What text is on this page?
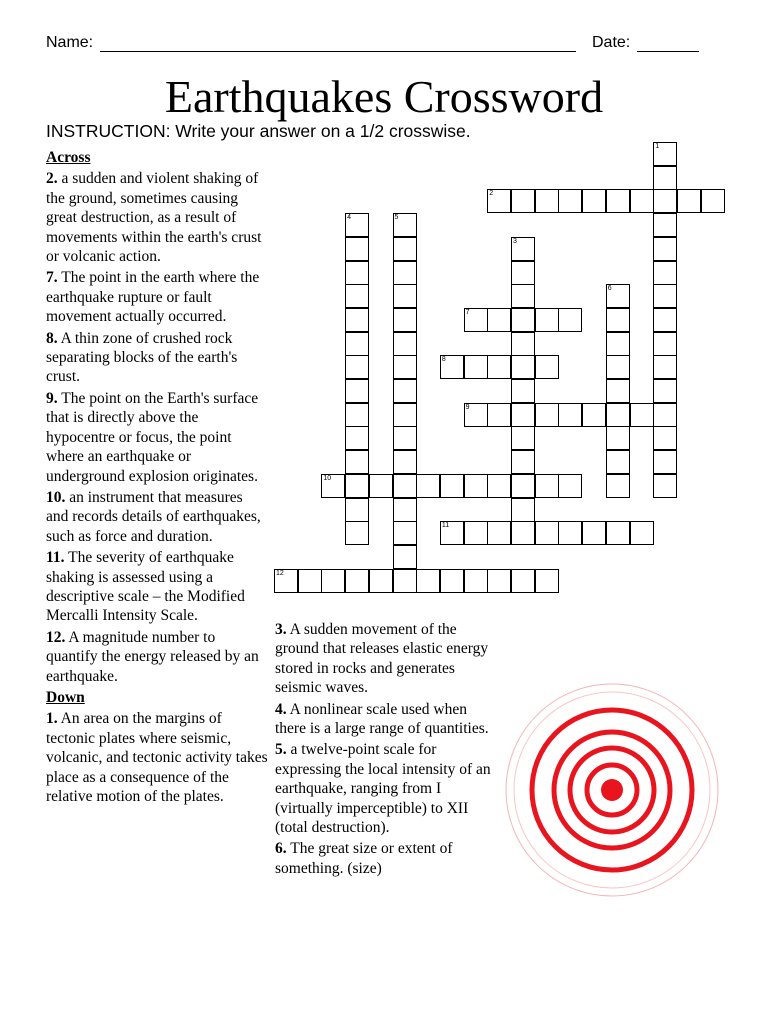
Name:	Date:
Earthquakes Crossword
INSTRUCTION: Write your answer on a 1/2 crosswise.
Across
2. a sudden and violent shaking of the ground, sometimes causing great destruction, as a result of movements within the earth's crust or volcanic action.
7. The point in the earth where the earthquake rupture or fault movement actually occurred.
8. A thin zone of crushed rock separating blocks of the earth's crust.
9. The point on the Earth's surface that is directly above the hypocentre or focus, the point where an earthquake or underground explosion originates.
10. an instrument that measures and records details of earthquakes, such as force and duration.
11. The severity of earthquake shaking is assessed using a descriptive scale – the Modified Mercalli Intensity Scale.
12. A magnitude number to quantify the energy released by an earthquake.
Down
1. An area on the margins of tectonic plates where seismic, volcanic, and tectonic activity takes place as a consequence of the relative motion of the plates.
3. A sudden movement of the ground that releases elastic energy stored in rocks and generates seismic waves.
4. A nonlinear scale used when there is a large range of quantities.
5. a twelve-point scale for expressing the local intensity of an earthquake, ranging from I (virtually imperceptible) to XII (total destruction).
6. The great size or extent of something. (size)
1
2
3
4	5
6
7
8
9
10
11
12
